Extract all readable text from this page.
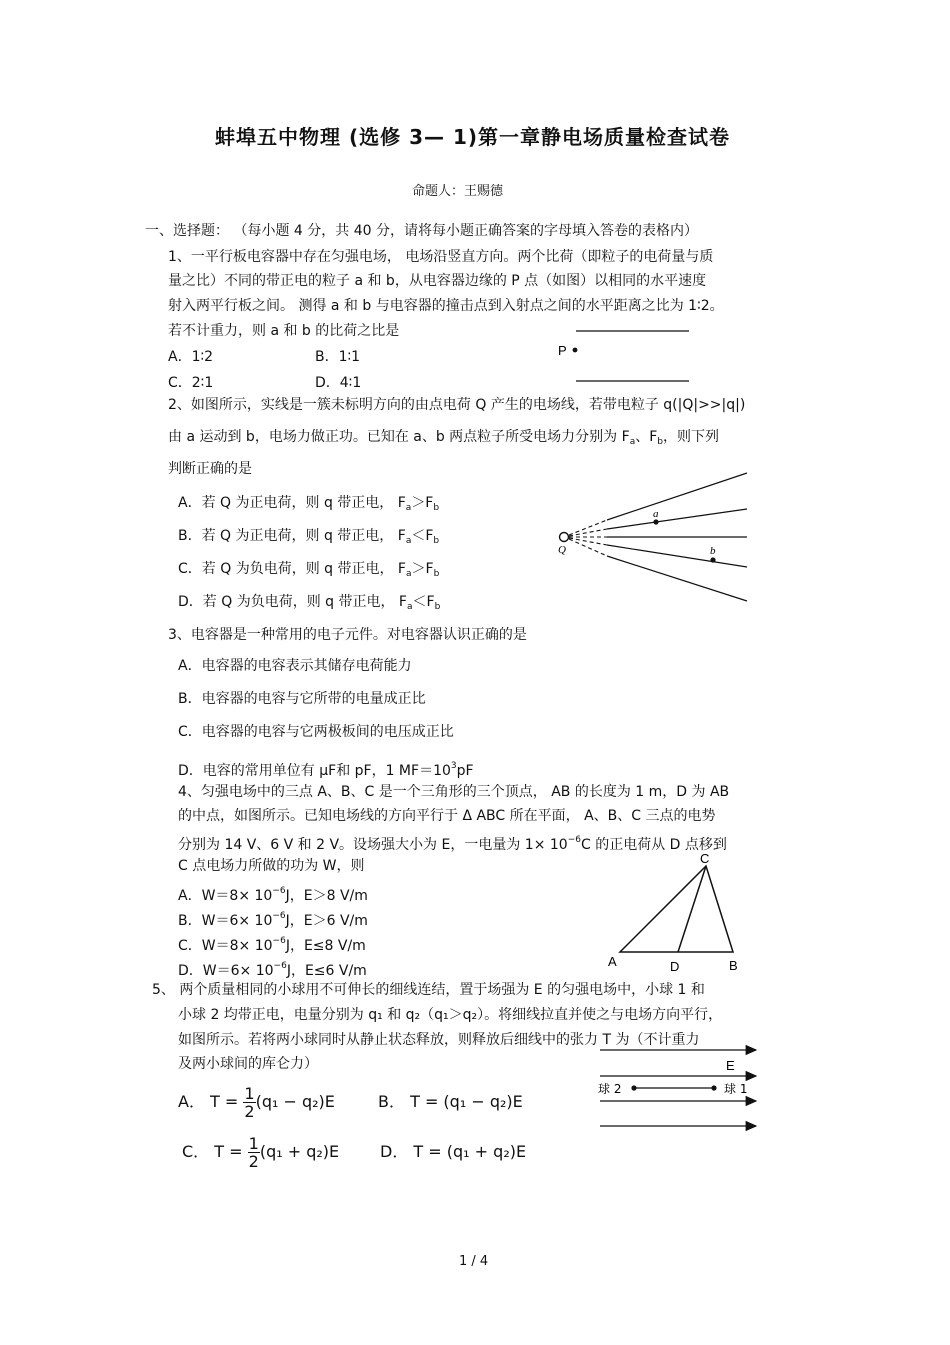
蚌埠五中物理 (选修 3— 1)第一章静电场质量检查试卷
命题人：王赐德
一、选择题： （每小题 4 分，共 40 分，请将每小题正确答案的字母填入答卷的表格内）
1、一平行板电容器中存在匀强电场， 电场沿竖直方向。两个比荷（即粒子的电荷量与质
量之比）不同的带正电的粒子 a 和 b，从电容器边缘的 P 点（如图）以相同的水平速度
射入两平行板之间。 测得 a 和 b 与电容器的撞击点到入射点之间的水平距离之比为 1∶2。
若不计重力，则 a 和 b 的比荷之比是
A．1∶2	B．1∶1
C．2∶1	D．4∶1
P
2、如图所示，实线是一簇未标明方向的由点电荷 Q 产生的电场线，若带电粒子 q(|Q|>>|q|)
由 a 运动到 b，电场力做正功。已知在 a、b 两点粒子所受电场力分别为 $F_a$、$F_b$，则下列
判断正确的是
A．若 Q 为正电荷，则 q 带正电， $F_a>F_b$
B．若 Q 为正电荷，则 q 带正电， $F_a<F_b$
C．若 Q 为负电荷，则 q 带正电， $F_a>F_b$
D．若 Q 为负电荷，则 q 带正电， $F_a<F_b$
a
b
Q
3、电容器是一种常用的电子元件。对电容器认识正确的是
A．电容器的电容表示其储存电荷能力
B．电容器的电容与它所带的电量成正比
C．电容器的电容与它两极板间的电压成正比
D．电容的常用单位有 μF和 pF，1 $MF=10^3pF$
4、匀强电场中的三点 A、B、C 是一个三角形的三个顶点， AB 的长度为 1 m，D 为 AB
的中点，如图所示。已知电场线的方向平行于 Δ ABC 所在平面， A、B、C 三点的电势
分别为 14 V、6 V 和 2 V。设场强大小为 E，一电量为 $1\times 10^{-6}C$ 的正电荷从 D 点移到
C 点电场力所做的功为 W，则
A．$W=8\times 10^{-6}J$，E＞8 V/m
B．$W=6\times 10^{-6}J$，E＞6 V/m
C．$W=8\times 10^{-6}J$，E≤8 V/m
D．$W=6\times 10^{-6}J$，E≤6 V/m
C
A	D	B
5、 两个质量相同的小球用不可伸长的细线连结，置于场强为 E 的匀强电场中，小球 1 和
小球 2 均带正电，电量分别为 q₁ 和 q₂（q₁＞q₂）。将细线拉直并使之与电场方向平行，
如图所示。若将两小球同时从静止状态释放，则释放后细线中的张力 T 为（不计重力
及两小球间的库仑力）
A． $T = \frac{1}{2} (q_1 - q_2)E$	B． T = (q₁ − q₂)E
C． $T = \frac{1}{2} (q_1 + q_2)E$	D． T = (q₁ + q₂)E
E
球 2	球 1
1 / 4
